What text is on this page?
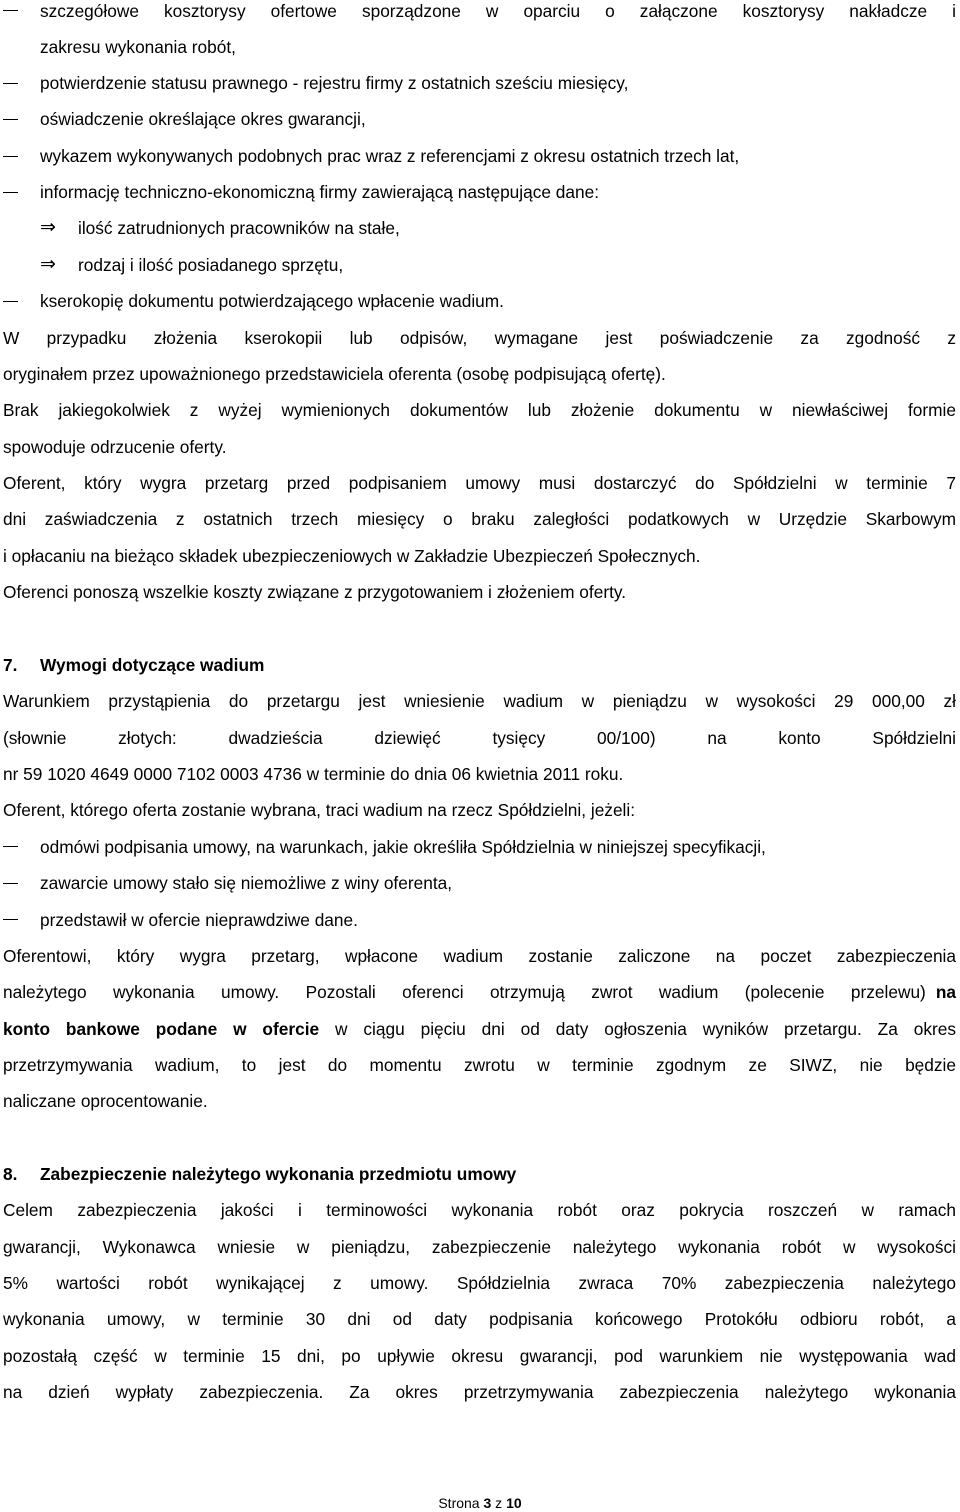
szczegółowe kosztorysy ofertowe sporządzone w oparciu o załączone kosztorysy nakładcze i
zakresu wykonania robót,
potwierdzenie statusu prawnego - rejestru firmy z ostatnich sześciu miesięcy,
oświadczenie określające okres gwarancji,
wykazem wykonywanych podobnych prac wraz z referencjami z okresu ostatnich trzech lat,
informację techniczno-ekonomiczną firmy zawierającą następujące dane:
⇒ ilość zatrudnionych pracowników na stałe,
⇒ rodzaj i ilość posiadanego sprzętu,
kserokopię dokumentu potwierdzającego wpłacenie wadium.
W przypadku złożenia kserokopii lub odpisów, wymagane jest poświadczenie za zgodność z
oryginałem przez upoważnionego przedstawiciela oferenta (osobę podpisującą ofertę).
Brak jakiegokolwiek z wyżej wymienionych dokumentów lub złożenie dokumentu w niewłaściwej formie
spowoduje odrzucenie oferty.
Oferent, który wygra przetarg przed podpisaniem umowy musi dostarczyć do Spółdzielni w terminie 7
dni zaświadczenia z ostatnich trzech miesięcy o braku zaległości podatkowych w Urzędzie Skarbowym
i opłacaniu na bieżąco składek ubezpieczeniowych w Zakładzie Ubezpieczeń Społecznych.
Oferenci ponoszą wszelkie koszty związane z przygotowaniem i złożeniem oferty.
7. Wymogi dotyczące wadium
Warunkiem przystąpienia do przetargu jest wniesienie wadium w pieniądzu w wysokości 29 000,00 zł
(słownie złotych: dwadzieścia dziewięć tysięcy 00/100) na konto Spółdzielni
nr 59 1020 4649 0000 7102 0003 4736 w terminie do dnia 06 kwietnia 2011 roku.
Oferent, którego oferta zostanie wybrana, traci wadium na rzecz Spółdzielni, jeżeli:
odmówi podpisania umowy, na warunkach, jakie określiła Spółdzielnia w niniejszej specyfikacji,
zawarcie umowy stało się niemożliwe z winy oferenta,
przedstawił w ofercie nieprawdziwe dane.
Oferentowi, który wygra przetarg, wpłacone wadium zostanie zaliczone na poczet zabezpieczenia
należytego wykonania umowy. Pozostali oferenci otrzymują zwrot wadium (polecenie przelewu) na
konto bankowe podane w ofercie w ciągu pięciu dni od daty ogłoszenia wyników przetargu. Za okres
przetrzymywania wadium, to jest do momentu zwrotu w terminie zgodnym ze SIWZ, nie będzie
naliczane oprocentowanie.
8. Zabezpieczenie należytego wykonania przedmiotu umowy
Celem zabezpieczenia jakości i terminowości wykonania robót oraz pokrycia roszczeń w ramach
gwarancji, Wykonawca wniesie w pieniądzu, zabezpieczenie należytego wykonania robót w wysokości
5% wartości robót wynikającej z umowy. Spółdzielnia zwraca 70% zabezpieczenia należytego
wykonania umowy, w terminie 30 dni od daty podpisania końcowego Protokółu odbioru robót, a
pozostałą część w terminie 15 dni, po upływie okresu gwarancji, pod warunkiem nie występowania wad
na dzień wypłaty zabezpieczenia. Za okres przetrzymywania zabezpieczenia należytego wykonania
Strona 3 z 10
